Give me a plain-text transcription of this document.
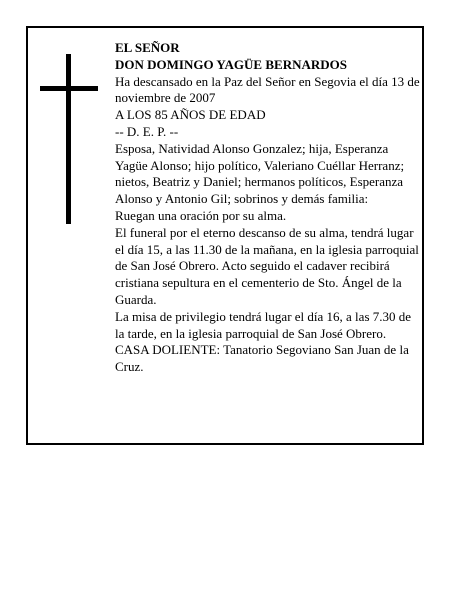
EL SEÑOR

DON DOMINGO YAGÜE BERNARDOS

Ha descansado en la Paz del Señor en Segovia el día 13 de noviembre de 2007

A LOS 85 AÑOS DE EDAD

-- D. E. P. --

Esposa, Natividad Alonso Gonzalez; hija, Esperanza Yagüe Alonso; hijo político, Valeriano Cuéllar Herranz; nietos, Beatriz y Daniel; hermanos políticos, Esperanza Alonso y Antonio Gil; sobrinos y demás familia:

Ruegan una oración por su alma.

El funeral por el eterno descanso de su alma, tendrá lugar el día 15, a las 11.30 de la mañana, en la iglesia parroquial de San José Obrero. Acto seguido el cadaver recibirá cristiana sepultura en el cementerio de Sto. Ángel de la Guarda.

La misa de privilegio tendrá lugar el día 16, a las 7.30 de la tarde, en la iglesia parroquial de San José Obrero.

CASA DOLIENTE: Tanatorio Segoviano San Juan de la Cruz.
